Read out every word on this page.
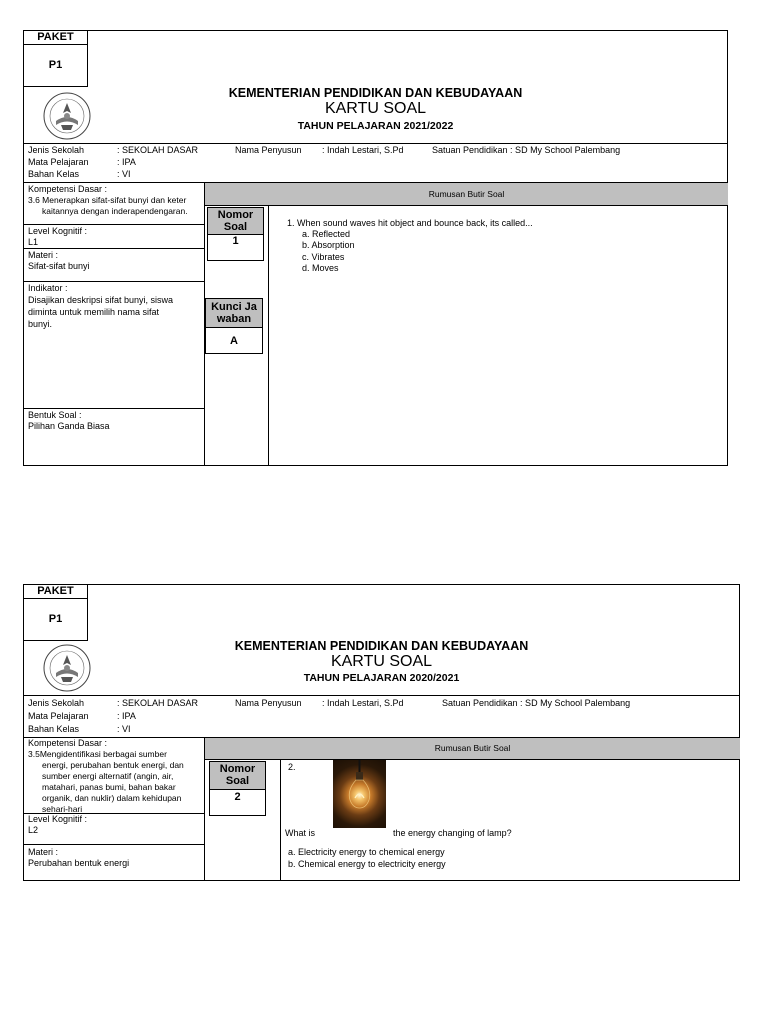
PAKET
P1
KEMENTERIAN PENDIDIKAN DAN KEBUDAYAAN
KARTU SOAL
TAHUN PELAJARAN 2021/2022
Jenis Sekolah	: SEKOLAH DASAR	Nama Penyusun : Indah Lestari, S.Pd	Satuan Pendidikan : SD My School Palembang
Mata Pelajaran	: IPA
Bahan Kelas	: VI
Kompetensi Dasar :
3.6 Menerapkan sifat-sifat bunyi dan keter
kaitannya dengan inderapendengaran.
Rumusan Butir Soal
Level Kognitif :
L1
Materi :
Sifat-sifat bunyi
Indikator :
Disajikan deskripsi sifat bunyi, siswa
diminta untuk memilih nama sifat
bunyi.
Bentuk Soal :
Pilihan Ganda Biasa
Nomor
Soal
1
Kunci Ja
waban
A
1. When sound waves hit object and bounce back, its called...
a. Reflected
b. Absorption
c. Vibrates
d. Moves
PAKET
P1
KEMENTERIAN PENDIDIKAN DAN KEBUDAYAAN
KARTU SOAL
TAHUN PELAJARAN 2020/2021
Jenis Sekolah	: SEKOLAH DASAR	Nama Penyusun : Indah Lestari, S.Pd	Satuan Pendidikan : SD My School Palembang
Mata Pelajaran	: IPA
Bahan Kelas	: VI
Kompetensi Dasar :
3.5Mengidentifikasi berbagai sumber
energi, perubahan bentuk energi, dan
sumber energi alternatif (angin, air,
matahari, panas bumi, bahan bakar
organik, dan nuklir) dalam kehidupan
sehari-hari
Rumusan Butir Soal
Level Kognitif :
L2
Materi :
Perubahan bentuk energi
Nomor
Soal
2
2.
What is	the energy changing of lamp?
a. Electricity energy to chemical energy
b. Chemical energy to electricity energy
